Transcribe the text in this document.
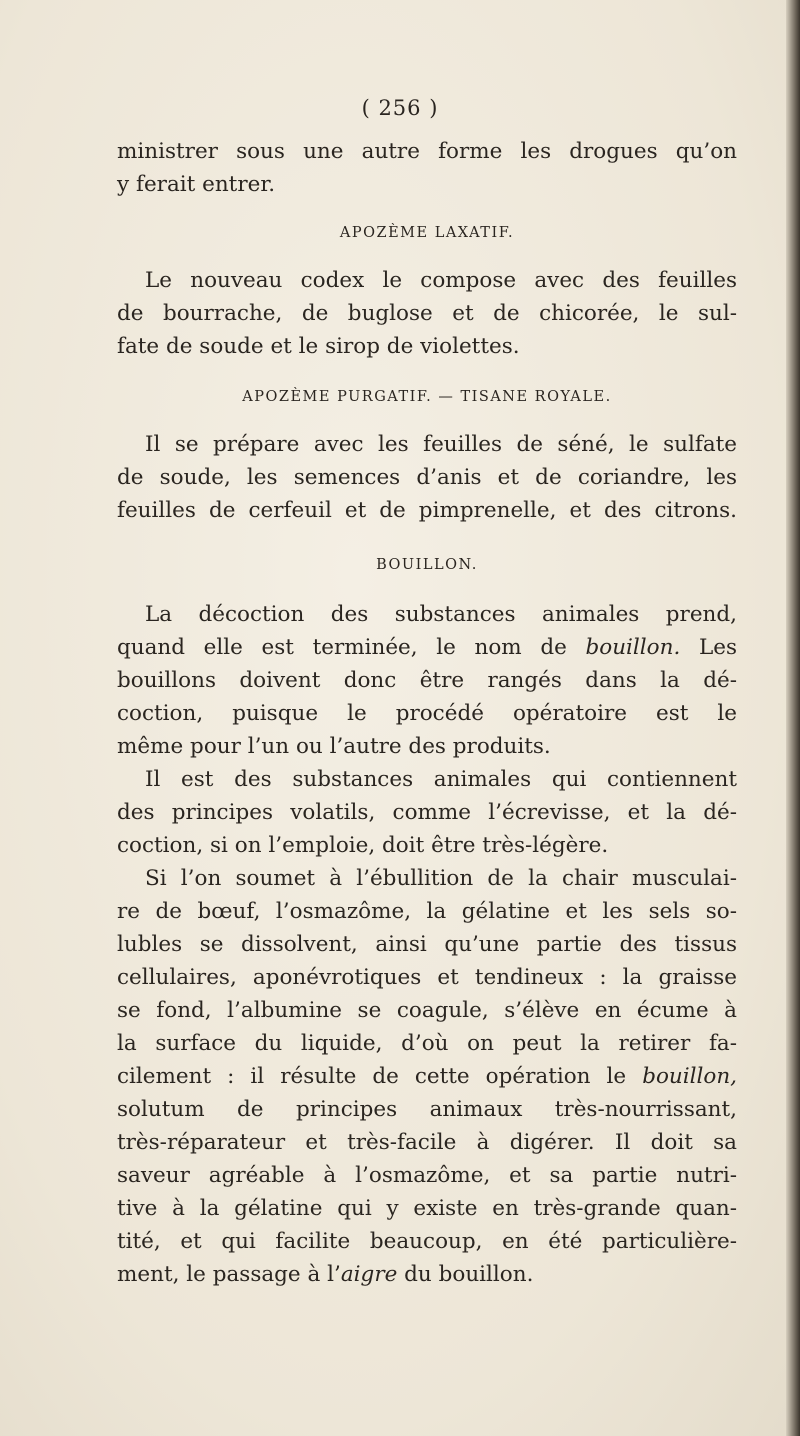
( 256 )
ministrer sous une autre forme les drogues qu’on
y ferait entrer.
APOZÈME LAXATIF.
Le nouveau codex le compose avec des feuilles
de bourrache, de buglose et de chicorée, le sul-
fate de soude et le sirop de violettes.
APOZÈME PURGATIF. — TISANE ROYALE.
Il se prépare avec les feuilles de séné, le sulfate
de soude, les semences d’anis et de coriandre, les
feuilles de cerfeuil et de pimprenelle, et des citrons.
BOUILLON.
La décoction des substances animales prend,
quand elle est terminée, le nom de bouillon. Les
bouillons doivent donc être rangés dans la dé-
coction, puisque le procédé opératoire est le
même pour l’un ou l’autre des produits.
Il est des substances animales qui contiennent
des principes volatils, comme l’écrevisse, et la dé-
coction, si on l’emploie, doit être très-légère.
Si l’on soumet à l’ébullition de la chair musculai-
re de bœuf, l’osmazôme, la gélatine et les sels so-
lubles se dissolvent, ainsi qu’une partie des tissus
cellulaires, aponévrotiques et tendineux : la graisse
se fond, l’albumine se coagule, s’élève en écume à
la surface du liquide, d’où on peut la retirer fa-
cilement : il résulte de cette opération le bouillon,
solutum de principes animaux très-nourrissant,
très-réparateur et très-facile à digérer. Il doit sa
saveur agréable à l’osmazôme, et sa partie nutri-
tive à la gélatine qui y existe en très-grande quan-
tité, et qui facilite beaucoup, en été particulière-
ment, le passage à l’aigre du bouillon.
